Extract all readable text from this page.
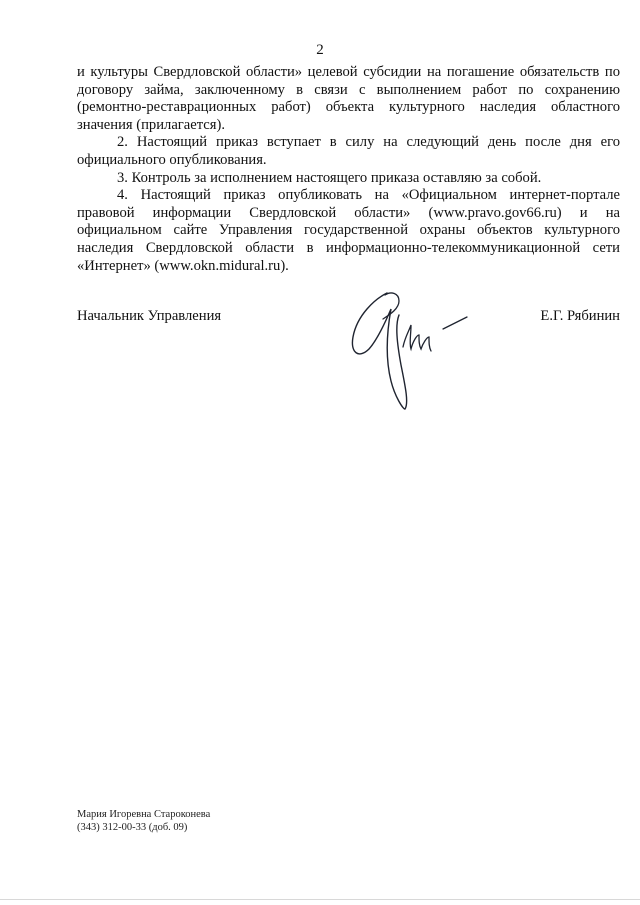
2

и культуры Свердловской области» целевой субсидии на погашение обязательств по договору займа, заключенному в связи с выполнением работ по сохранению (ремонтно-реставрационных работ) объекта культурного наследия областного значения (прилагается).

2. Настоящий приказ вступает в силу на следующий день после дня его официального опубликования.

3. Контроль за исполнением настоящего приказа оставляю за собой.

4. Настоящий приказ опубликовать на «Официальном интернет-портале правовой информации Свердловской области» (www.pravo.gov66.ru) и на официальном сайте Управления государственной охраны объектов культурного наследия Свердловской области в информационно-телекоммуникационной сети «Интернет» (www.okn.midural.ru).

Начальник Управления	Е.Г. Рябинин
Мария Игоревна Староконева
(343) 312-00-33 (доб. 09)
